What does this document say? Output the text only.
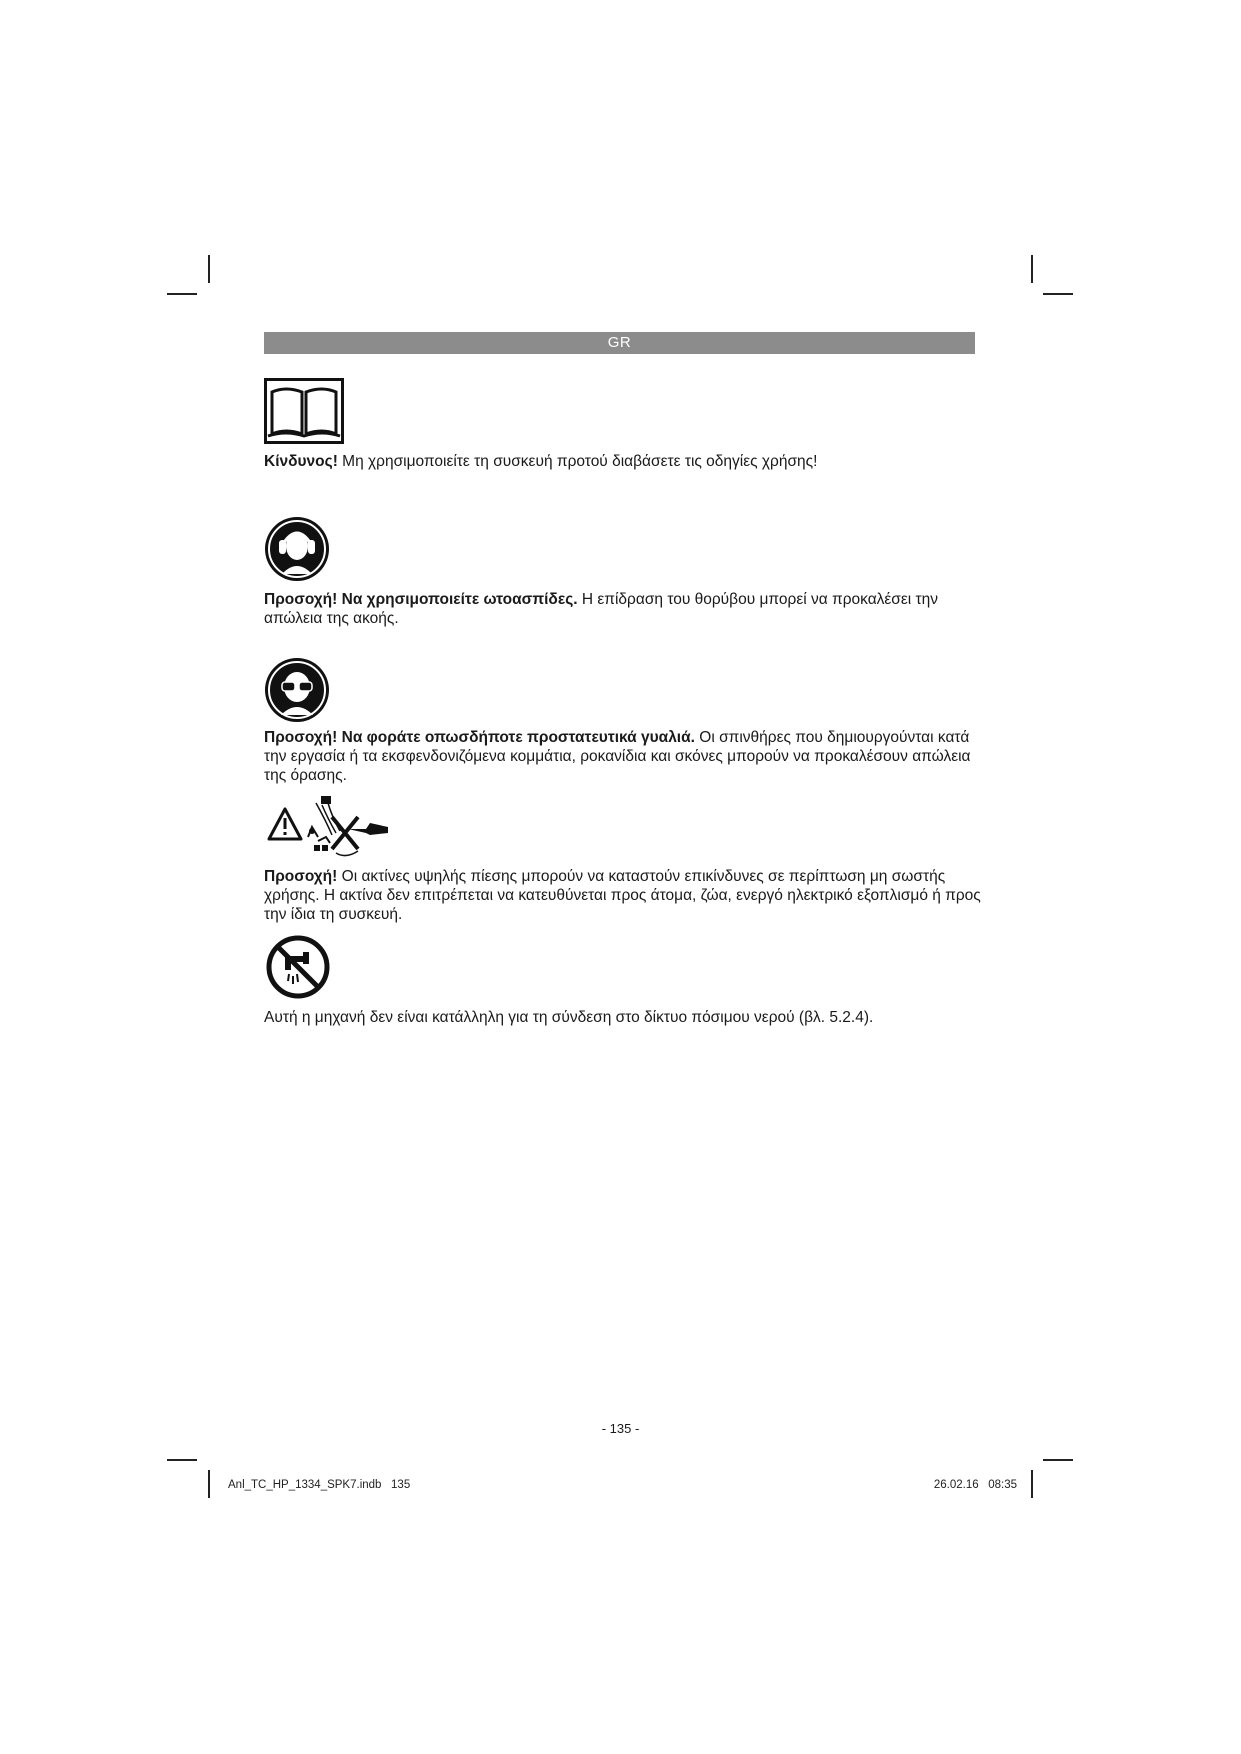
GR
Κίνδυνος! Μη χρησιμοποιείτε τη συσκευή προτού διαβάσετε τις οδηγίες χρήσης!
Προσοχή! Να χρησιμοποιείτε ωτοασπίδες. Η επίδραση του θορύβου μπορεί να προκαλέσει την απώλεια της ακοής.
Προσοχή! Να φοράτε οπωσδήποτε προστατευτικά γυαλιά. Οι σπινθήρες που δημιουργούνται κατά την εργασία ή τα εκσφενδονιζόμενα κομμάτια, ροκανίδια και σκόνες μπορούν να προκαλέσουν απώλεια της όρασης.
Προσοχή! Οι ακτίνες υψηλής πίεσης μπορούν να καταστούν επικίνδυνες σε περίπτωση μη σωστής χρήσης. Η ακτίνα δεν επιτρέπεται να κατευθύνεται προς άτομα, ζώα, ενεργό ηλεκτρικό εξοπλισμό ή προς την ίδια τη συσκευή.
Αυτή η μηχανή δεν είναι κατάλληλη για τη σύνδεση στο δίκτυο πόσιμου νερού (βλ. 5.2.4).
- 135 -
Anl_TC_HP_1334_SPK7.indb   135	26.02.16   08:35
